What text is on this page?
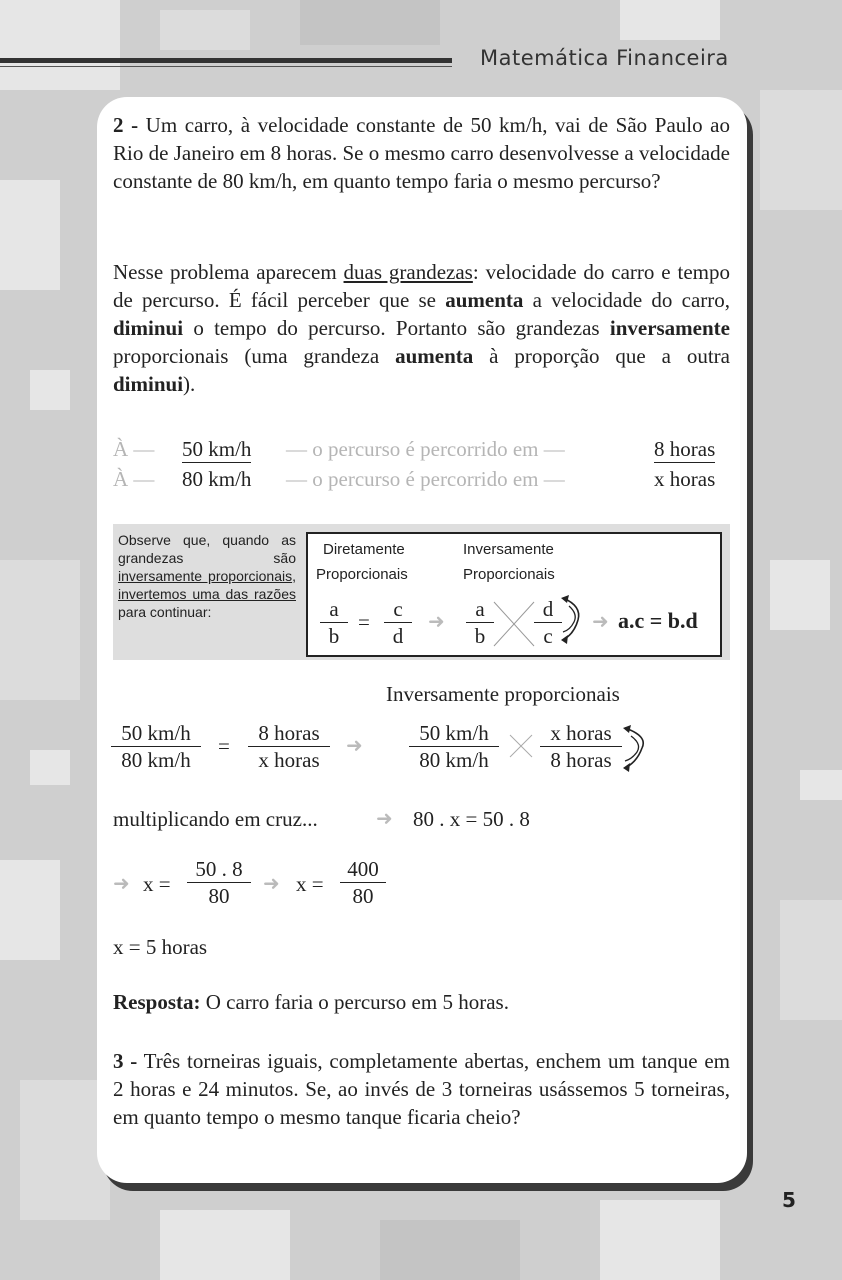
Matemática Financeira
2 - Um carro, à velocidade constante de 50 km/h, vai de São Paulo ao Rio de Janeiro em 8 horas. Se o mesmo carro desenvolvesse a velocidade constante de 80 km/h, em quanto tempo faria o mesmo percurso?
Nesse problema aparecem duas grandezas: velocidade do carro e tempo de percurso. É fácil perceber que se aumenta a velocidade do carro, diminui o tempo do percurso. Portanto são grandezas inversamente proporcionais (uma grandeza aumenta à proporção que a outra diminui).
À — 50 km/h — o percurso é percorrido em —	8 horas
À — 80 km/h — o percurso é percorrido em —	x horas
Observe que, quando as grandezas são inversamente proporcionais, invertemos uma das razões para continuar:
Diretamente
Proporcionais
Inversamente
Proporcionais
$\frac{a}{b} = \frac{c}{d}$ ➜ $\frac{a}{b} \frac{d}{c}$ ➜ a.c = b.d
Inversamente proporcionais
$\frac{50 km/h}{80 km/h}$ =
8 horas
x horas
➜ $\frac{50 km/h}{80 km/h}$	x horas
8 horas
multiplicando em cruz...	➜ 80 . x = 50 . 8
➜ $x = \frac{50 . 8}{80}$ ➜ $x = \frac{400}{80}$
x = 5 horas
Resposta: O carro faria o percurso em 5 horas.
3 - Três torneiras iguais, completamente abertas, enchem um tanque em 2 horas e 24 minutos. Se, ao invés de 3 torneiras usássemos 5 torneiras, em quanto tempo o mesmo tanque ficaria cheio?
5
